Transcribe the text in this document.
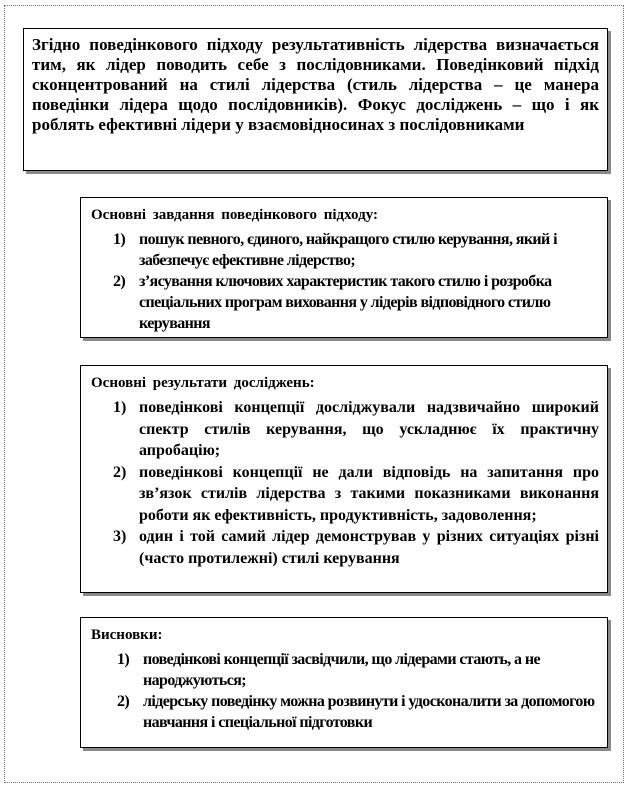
Згідно поведінкового підходу результативність лідерства визначається тим, як лідер поводить себе з послідовниками. Поведінковий підхід сконцентрований на стилі лідерства (стиль лідерства – це манера поведінки лідера щодо послідовників). Фокус досліджень – що і як роблять ефективні лідери у взаємовідносинах з послідовниками

Основні завдання поведінкового підходу:
1) пошук певного, єдиного, найкращого стилю керування, який і забезпечує ефективне лідерство;
2) з’ясування ключових характеристик такого стилю і розробка спеціальних програм виховання у лідерів відповідного стилю керування
Основні результати досліджень:
1) поведінкові концепції досліджували надзвичайно широкий спектр стилів керування, що ускладнює їх практичну апробацію;
2) поведінкові концепції не дали відповідь на запитання про зв’язок стилів лідерства з такими показниками виконання роботи як ефективність, продуктивність, задоволення;
3) один і той самий лідер демонстрував у різних ситуаціях різні (часто протилежні) стилі керування
Висновки:
1) поведінкові концепції засвідчили, що лідерами стають, а не народжуються;
2) лідерську поведінку можна розвинути і удосконалити за допомогою навчання і спеціальної підготовки
